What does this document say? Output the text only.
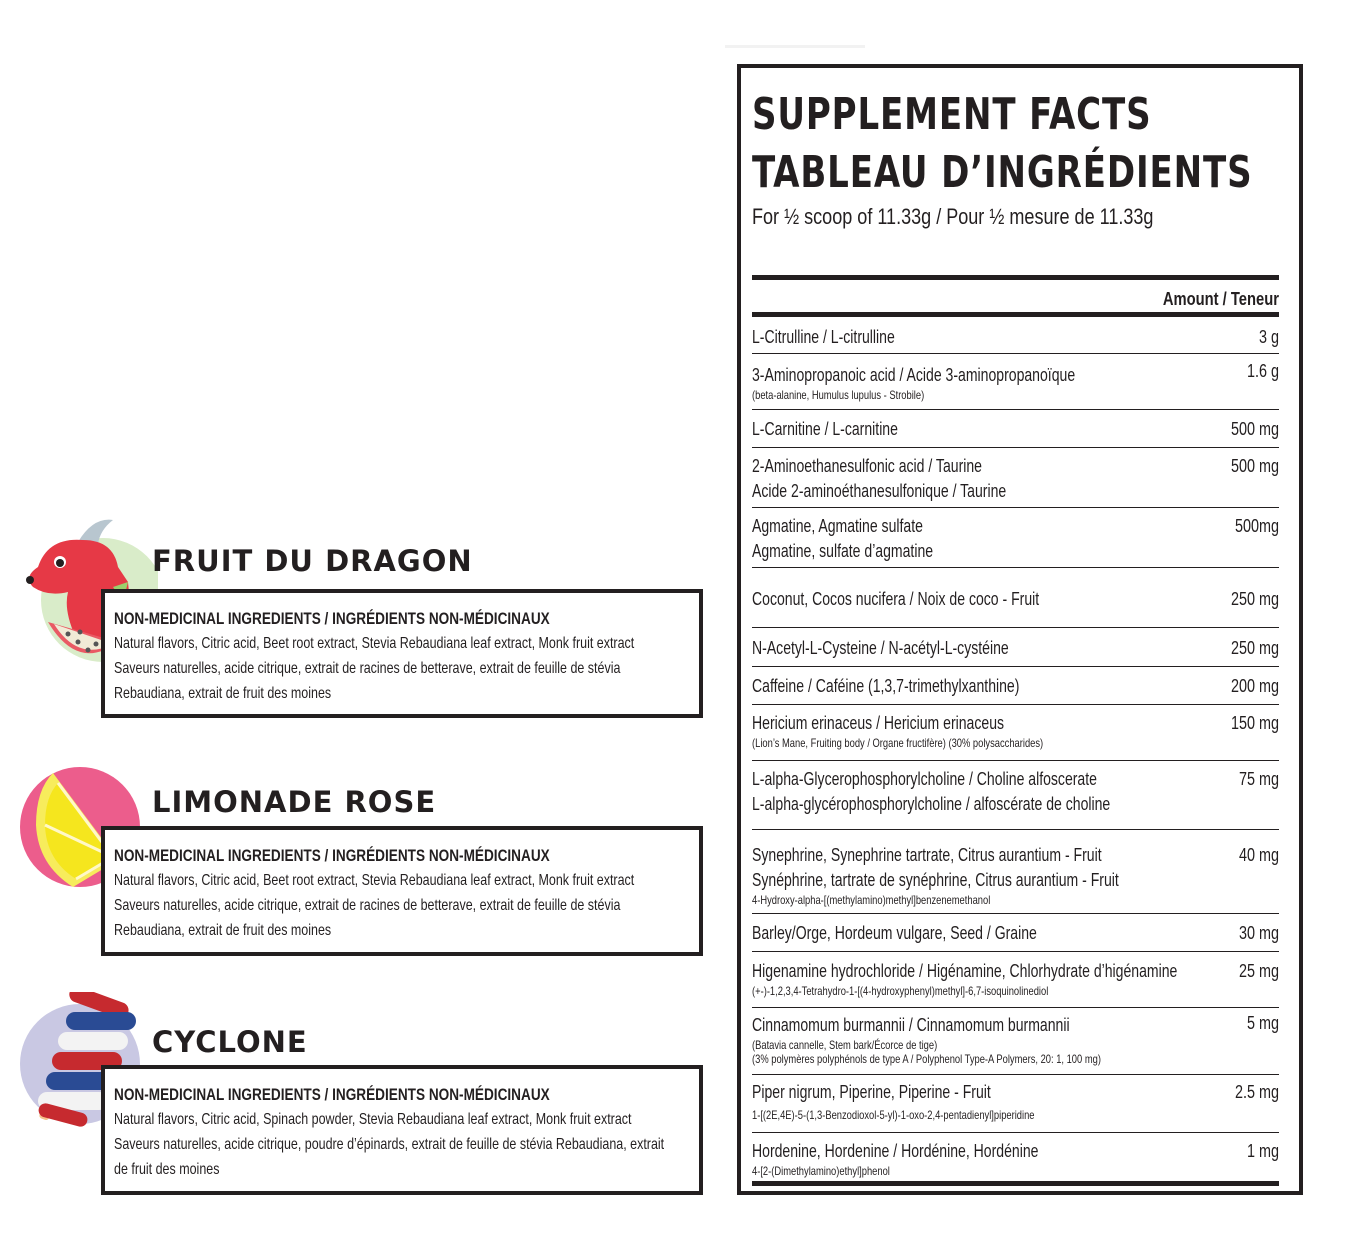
FRUIT DU DRAGON
NON-MEDICINAL INGREDIENTS / INGRÉDIENTS NON-MÉDICINAUX
Natural flavors, Citric acid, Beet root extract, Stevia Rebaudiana leaf extract, Monk fruit extract
Saveurs naturelles, acide citrique, extrait de racines de betterave, extrait de feuille de stévia
Rebaudiana, extrait de fruit des moines
LIMONADE ROSE
NON-MEDICINAL INGREDIENTS / INGRÉDIENTS NON-MÉDICINAUX
Natural flavors, Citric acid, Beet root extract, Stevia Rebaudiana leaf extract, Monk fruit extract
Saveurs naturelles, acide citrique, extrait de racines de betterave, extrait de feuille de stévia
Rebaudiana, extrait de fruit des moines
CYCLONE
NON-MEDICINAL INGREDIENTS / INGRÉDIENTS NON-MÉDICINAUX
Natural flavors, Citric acid, Spinach powder, Stevia Rebaudiana leaf extract, Monk fruit extract
Saveurs naturelles, acide citrique, poudre d’épinards, extrait de feuille de stévia Rebaudiana, extrait
de fruit des moines
SUPPLEMENT FACTS
TABLEAU D’INGRÉDIENTS
For ½ scoop of 11.33g / Pour ½ mesure de 11.33g
Amount / Teneur
3 g
L-Citrulline / L-citrulline
1.6 g
3-Aminopropanoic acid / Acide 3-aminopropanoïque
(beta-alanine, Humulus lupulus - Strobile)
500 mg
L-Carnitine / L-carnitine
500 mg
2-Aminoethanesulfonic acid / Taurine
Acide 2-aminoéthanesulfonique / Taurine
500mg
Agmatine, Agmatine sulfate
Agmatine, sulfate d’agmatine
250 mg
Coconut, Cocos nucifera / Noix de coco - Fruit
250 mg
N-Acetyl-L-Cysteine / N-acétyl-L-cystéine
200 mg
Caffeine / Caféine (1,3,7-trimethylxanthine)
150 mg
Hericium erinaceus / Hericium erinaceus
(Lion’s Mane, Fruiting body / Organe fructifère) (30% polysaccharides)
75 mg
L-alpha-Glycerophosphorylcholine / Choline alfoscerate
L-alpha-glycérophosphorylcholine / alfoscérate de choline
40 mg
Synephrine, Synephrine tartrate, Citrus aurantium - Fruit
Synéphrine, tartrate de synéphrine, Citrus aurantium - Fruit
4-Hydroxy-alpha-[(methylamino)methyl]benzenemethanol
30 mg
Barley/Orge, Hordeum vulgare, Seed / Graine
25 mg
Higenamine hydrochloride / Higénamine, Chlorhydrate d’higénamine
(+-)-1,2,3,4-Tetrahydro-1-[(4-hydroxyphenyl)methyl]-6,7-isoquinolinediol
5 mg
Cinnamomum burmannii / Cinnamomum burmannii
(Batavia cannelle, Stem bark/Écorce de tige)
(3% polymères polyphénols de type A / Polyphenol Type-A Polymers, 20: 1, 100 mg)
2.5 mg
Piper nigrum, Piperine, Piperine - Fruit
1-[(2E,4E)-5-(1,3-Benzodioxol-5-yl)-1-oxo-2,4-pentadienyl]piperidine
1 mg
Hordenine, Hordenine / Hordénine, Hordénine
4-[2-(Dimethylamino)ethyl]phenol
